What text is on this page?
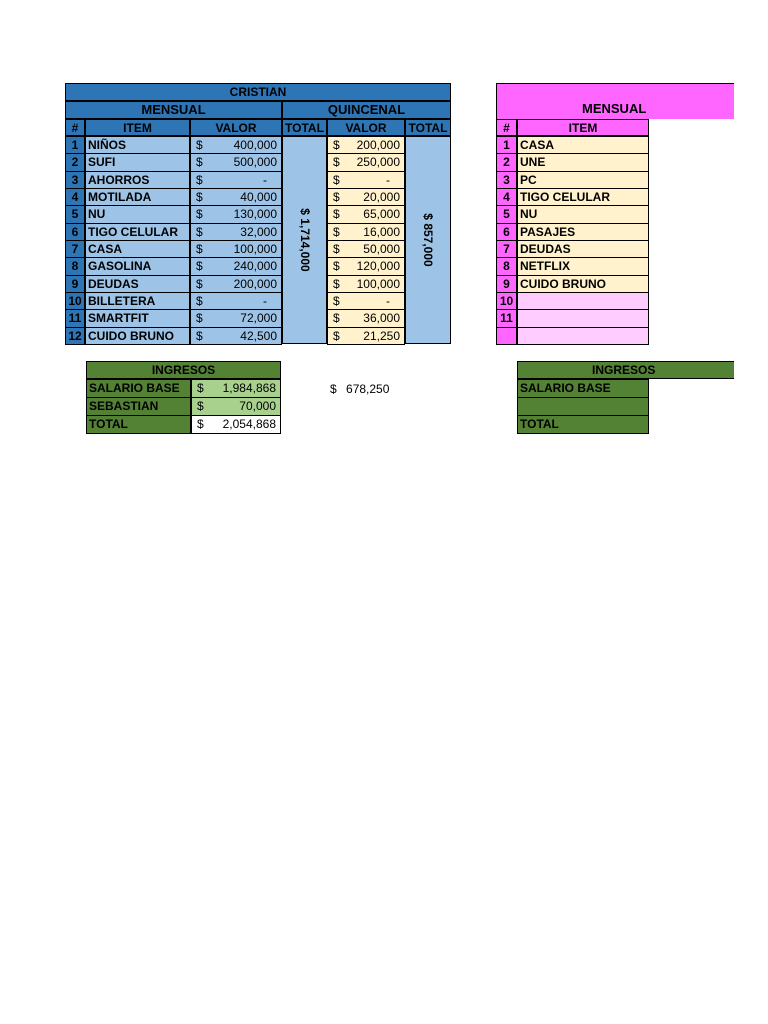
CRISTIAN
MENSUAL	QUINCENAL
#	ITEM	VALOR	TOTAL	VALOR	TOTAL
1 NIÑOS	$	400,000	$ 200,000
2 SUFI	$	500,000	$ 250,000
3 AHORROS	$	-	$	-
4 MOTILADA	$	40,000	$ 20,000
5 NU	$	130,000	$ 65,000
6 TIGO CELULAR	$	32,000	$ 16,000
7 CASA	$	100,000	$ 50,000
8 GASOLINA	$	240,000	$ 120,000
9 DEUDAS	$	200,000	$ 100,000
10 BILLETERA	$	-	$	-
11 SMARTFIT	$	72,000	$ 36,000
12 CUIDO BRUNO	$	42,500	$ 21,250
$ 1,714,000	$ 857,000
INGRESOS
SALARIO BASE	$ 1,984,868
SEBASTIAN	$	70,000
TOTAL	$ 2,054,868
$ 678,250
MENSUAL
#	ITEM
1 CASA
2 UNE
3 PC
4 TIGO CELULAR
5 NU
6 PASAJES
7 DEUDAS
8 NETFLIX
9 CUIDO BRUNO
10
11
INGRESOS
SALARIO BASE
TOTAL
